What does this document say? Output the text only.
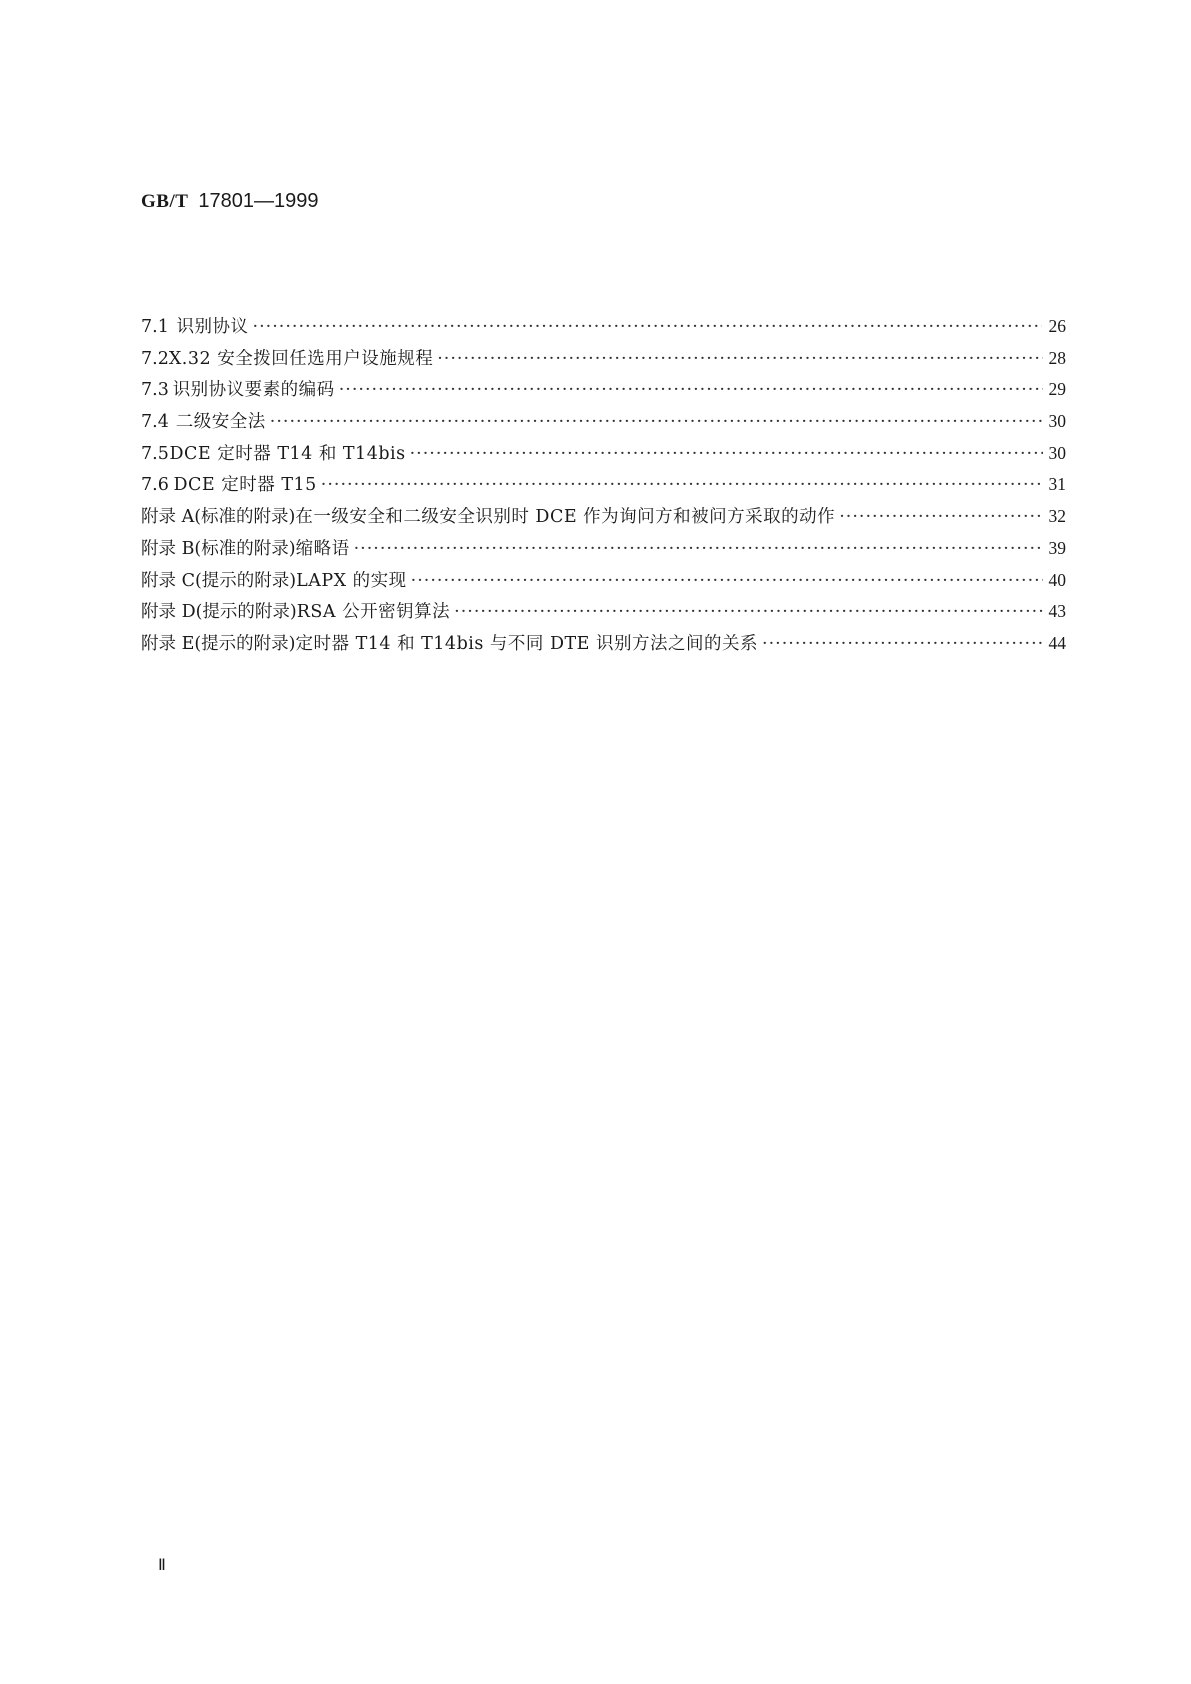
GB/T 17801—1999
7.1 识别协议 ·····	26
7.2 X.32 安全拨回任选用户设施规程 ·····	28
7.3 识别协议要素的编码 ·····	29
7.4 二级安全法 ·····	30
7.5 DCE 定时器 T14 和 T14bis ·····	30
7.6 DCE 定时器 T15 ·····	31
附录 A(标准的附录) 在一级安全和二级安全识别时 DCE 作为询问方和被问方采取的动作 ·····	32
附录 B(标准的附录) 缩略语 ·····	39
附录 C(提示的附录) LAPX 的实现 ·····	40
附录 D(提示的附录) RSA 公开密钥算法 ·····	43
附录 E(提示的附录) 定时器 T14 和 T14bis 与不同 DTE 识别方法之间的关系 ·····	44
Ⅱ
